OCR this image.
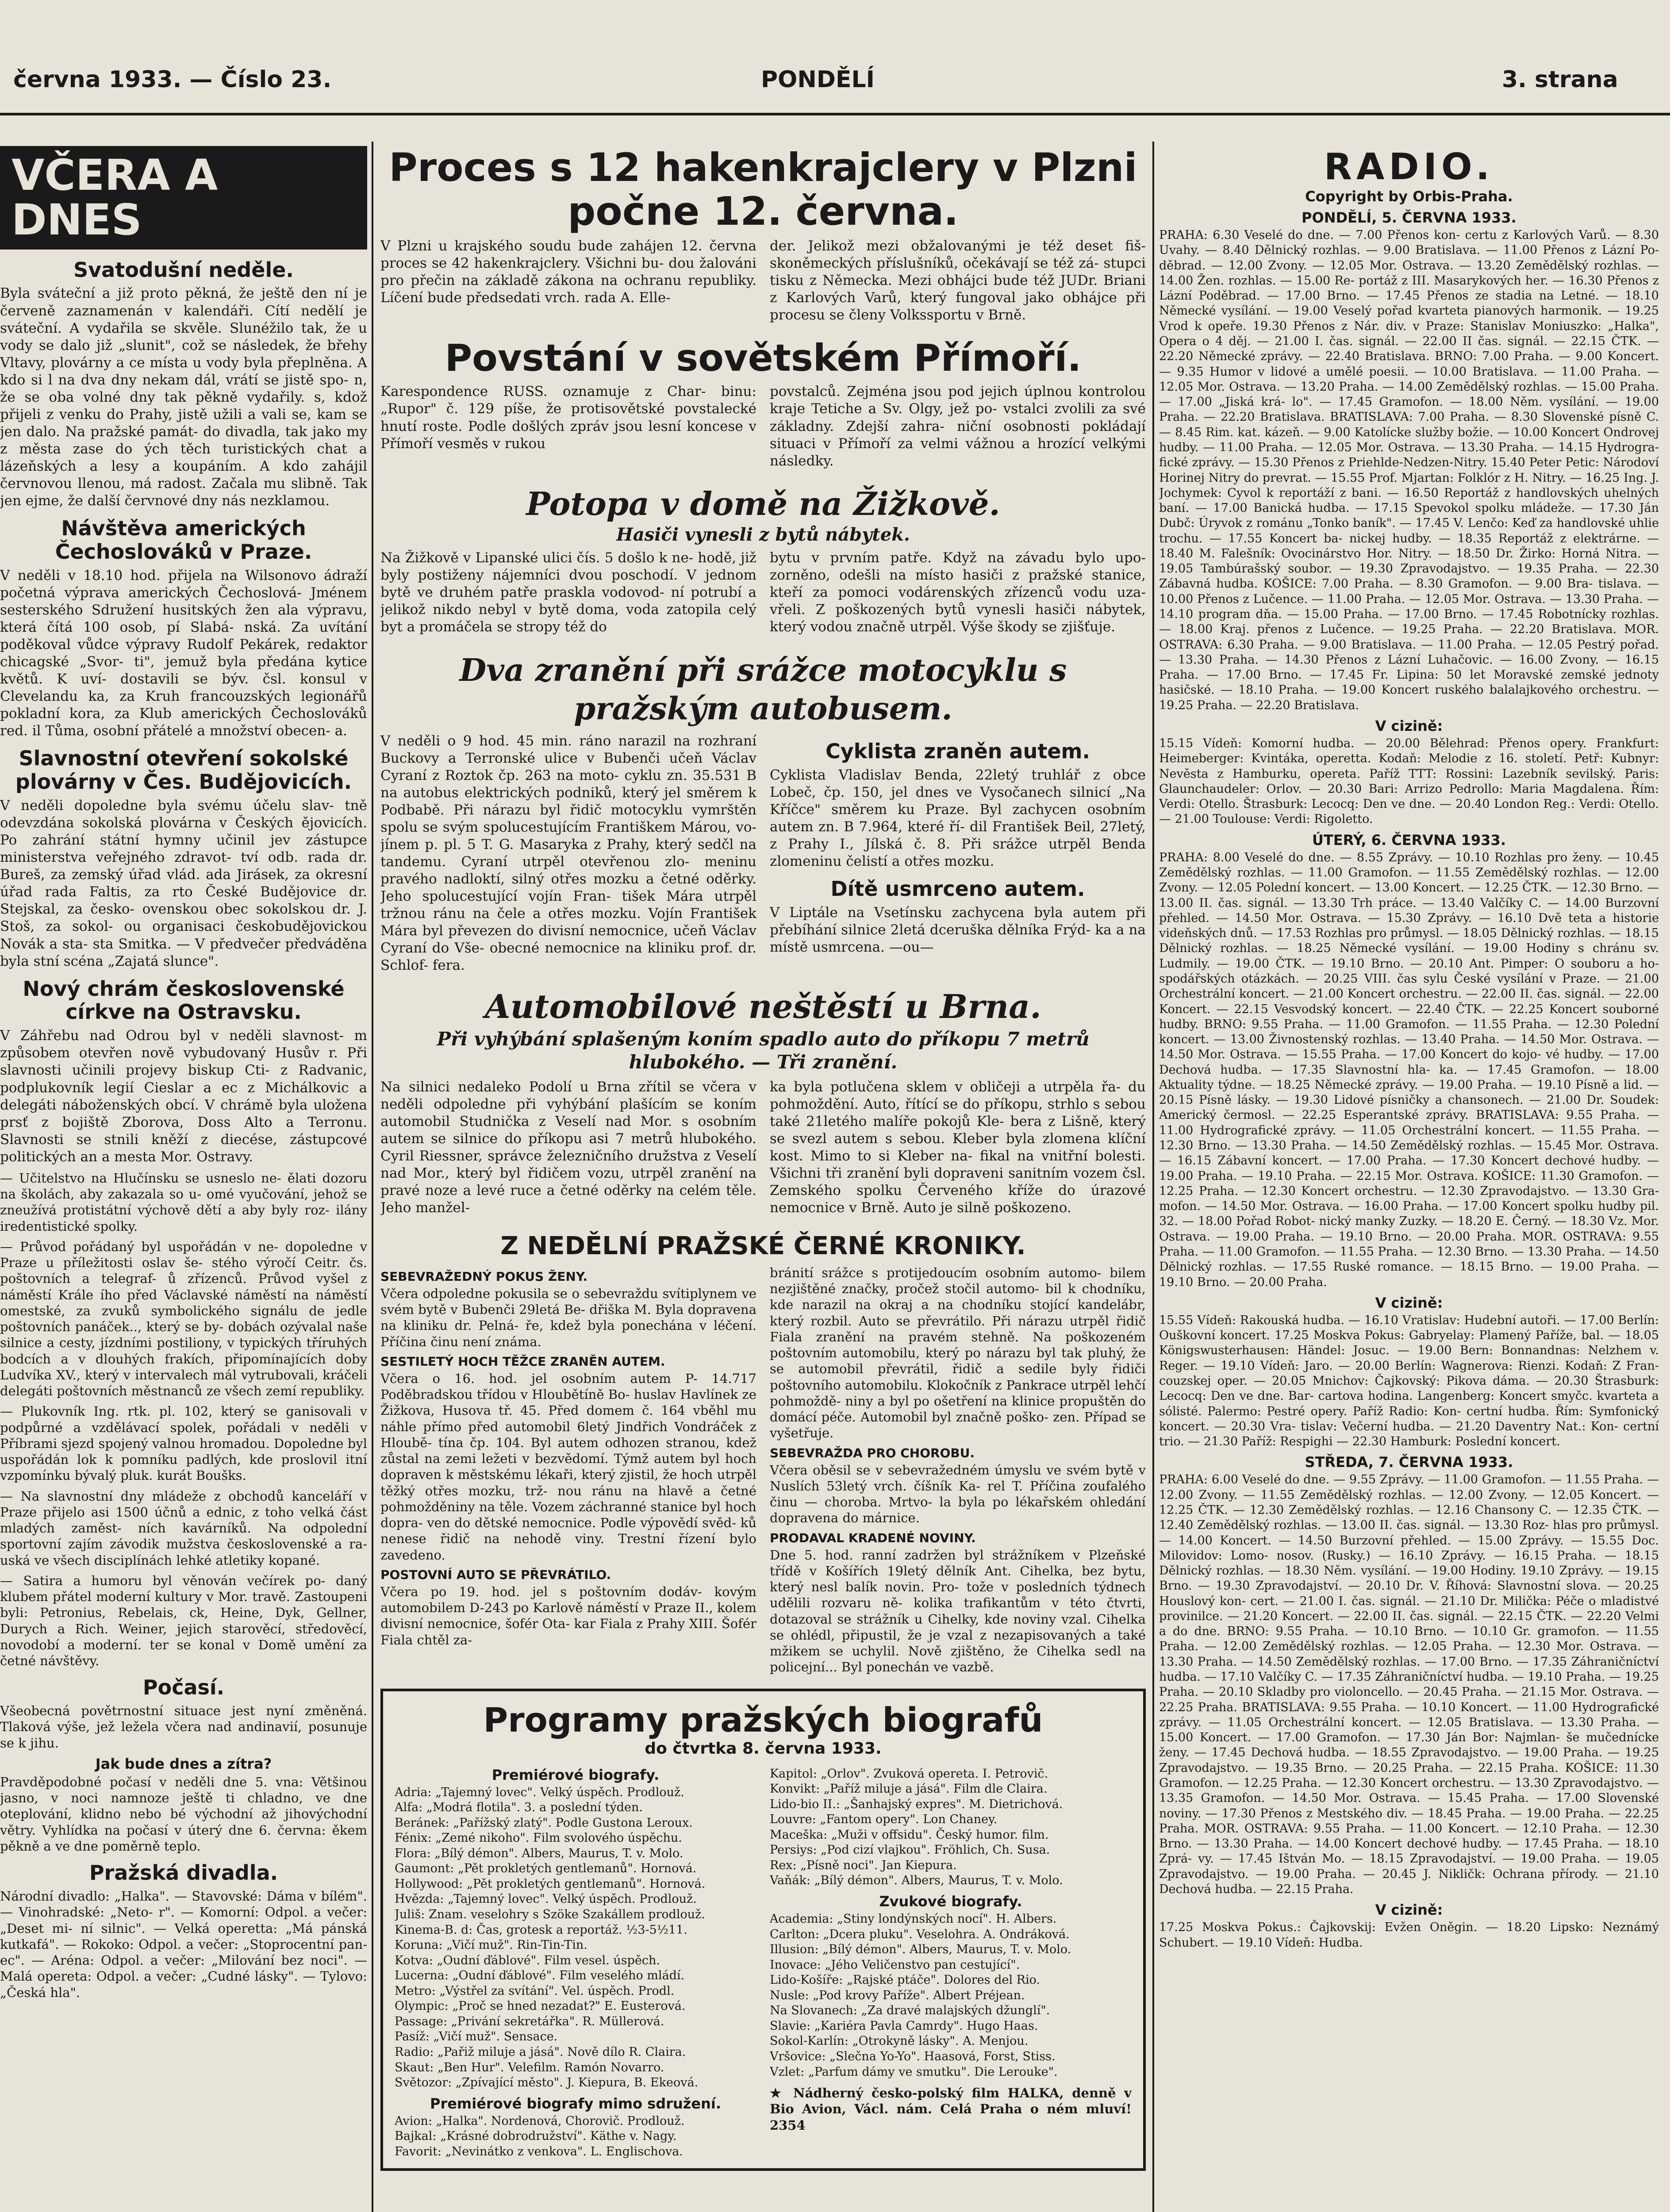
června 1933. — Číslo 23.	PONDĚLÍ	3. strana
VČERA A DNES
Svatodušní neděle.

Byla sváteční a již proto pěkná, že ještě den ní je červeně zaznamenán v kalendáři. Cítí nedělí je sváteční. A vydařila se skvěle. Slunéžilo tak, že u vody se dalo již „slunit", což se následek, že břehy Vltavy, plovárny a ce místa u vody byla přeplněna. A kdo si l na dva dny nekam dál, vrátí se jistě spo- n, že se oba volné dny tak pěkně vydařily. s, kdož přijeli z venku do Prahy, jistě užili a vali se, kam se jen dalo. Na pražské památ- do divadla, tak jako my z města zase do ých těch turistických chat a lázeňských a lesy a koupáním. A kdo zahájil červnovou llenou, má radost. Začala mu slibně. Tak jen ejme, že další červnové dny nás nezklamou.

Návštěva amerických Čechoslováků v Praze.

V neděli v 18.10 hod. přijela na Wilsonovo ádraží početná výprava amerických Čechoslová- Jménem sesterského Sdružení husitských žen ala výpravu, která čítá 100 osob, pí Slabá- nská. Za uvítání poděkoval vůdce výpravy Rudolf Pekárek, redaktor chicagské „Svor- ti", jemuž byla předána kytice květů. K uví- dostavili se býv. čsl. konsul v Clevelandu ka, za Kruh francouzských legionářů pokladní kora, za Klub amerických Čechoslováků red. il Tůma, osobní přátelé a množství obecen- a.

Slavnostní otevření sokolské plovárny v Čes. Budějovicích.

V neděli dopoledne byla svému účelu slav- tně odevzdána sokolská plovárna v Českých ějovicích. Po zahrání státní hymny učinil jev zástupce ministerstva veřejného zdravot- tví odb. rada dr. Bureš, za zemský úřad vlád. ada Jirásek, za okresní úřad rada Faltis, za rto České Budějovice dr. Stejskal, za česko- ovenskou obec sokolskou dr. J. Stoš, za sokol- ou organisaci českobudějovickou Novák a sta- sta Smitka. — V předvečer předváděna byla stní scéna „Zajatá slunce".

Nový chrám československé církve na Ostravsku.

V Záhřebu nad Odrou byl v neděli slavnost- m způsobem otevřen nově vybudovaný Husův r. Při slavnosti učinili projevy biskup Cti- z Radvanic, podplukovník legií Cieslar a ec z Michálkovic a delegáti náboženských obcí. V chrámě byla uložena prsť z bojiště Zborova, Doss Alto a Terronu. Slavnosti se stnili kněží z diecése, zástupcové politických an a mesta Mor. Ostravy.

— Učitelstvo na Hlučínsku se usneslo ne- ělati dozoru na školách, aby zakazala so u- omé vyučování, jehož se zneužívá protistátní výchově dětí a aby byly roz- ilány iredentistické spolky.

— Průvod pořádaný byl uspořádán v ne- dopoledne v Praze u příležitosti oslav še- stého výročí Ceitr. čs. poštovních a telegraf- ů zřízenců. Průvod vyšel z náměstí Krále ího před Václavské náměstí na náměstí omestské, za zvuků symbolického signálu de jedle poštovních panáček.., který se by- dobách ozývalal naše silnice a cesty, jízdními postiliony, v typických tříruhých bodcích a v dlouhých frakích, připomínajících doby Ludvíka XV., který v intervalech mál vytrubovali, kráčeli delegáti poštovních městnanců ze všech zemí republiky.

— Plukovník Ing. rtk. pl. 102, který se ganisovali v podpůrné a vzdělávací spolek, pořádali v neděli v Příbrami sjezd spojený valnou hromadou. Dopoledne byl uspořádán lok k pomníku padlých, kde proslovil itní vzpomínku bývalý pluk. kurát Boušks.

— Na slavnostní dny mládeže z obchodů kanceláří v Praze přijelo asi 1500 účnů a ednic, z toho velká část mladých zaměst- ních kavárníků. Na odpolední sportovní zajím závodik mužstva československé a ra- uská ve všech disciplínách lehké atletiky kopané.

— Satira a humoru byl věnován večírek po- daný klubem přátel moderní kultury v Mor. travě. Zastoupeni byli: Petronius, Rebelais, ck, Heine, Dyk, Gellner, Durych a Rich. Weiner, jejich starověcí, středověcí, novodobí a moderní. ter se konal v Domě umění za četné návštěvy.

Počasí.

Všeobecná povětrnostní situace jest nyní změněná. Tlaková výše, jež ležela včera nad andinavií, posunuje se k jihu.

Jak bude dnes a zítra?

Pravděpodobné počasí v neděli dne 5. vna: Většinou jasno, v noci namnoze ještě ti chladno, ve dne oteplování, klidno nebo bé východní až jihovýchodní větry. Vyhlídka na počasí v úterý dne 6. června: ěkem pěkně a ve dne poměrně teplo.

Pražská divadla.

Národní divadlo: „Halka". — Stavovské: Dáma v bílém". — Vinohradské: „Neto- r". — Komorní: Odpol. a večer: „Deset mi- ní silnic". — Velká operetta: „Má pánská kutkafá". — Rokoko: Odpol. a večer: „Stoprocentní pan- ec". — Aréna: Odpol. a večer: „Milování bez noci". — Malá opereta: Odpol. a večer: „Cudné lásky". — Tylovo: „Česká hla".

Proces s 12 hakenkrajclery v Plzni počne 12. června.

V Plzni u krajského soudu bude zahájen 12. června proces se 42 hakenkrajclery. Všichni bu- dou žalováni pro přečin na základě zákona na ochranu republiky. Líčení bude předsedati vrch. rada A. Elle-

der. Jelikož mezi obžalovanými je též deset fiš- skoněmeckých příslušníků, očekávají se též zá- stupci tisku z Německa. Mezi obhájci bude též JUDr. Briani z Karlových Varů, který fungoval jako obhájce při procesu se členy Volkssportu v Brně.

Povstání v sovětském Přímoří.

Karespondence RUSS. oznamuje z Char- binu: „Rupor" č. 129 píše, že protisovětské povstalecké hnutí roste. Podle došlých zpráv jsou lesní koncese v Přímoří vesměs v rukou

povstalců. Zejména jsou pod jejich úplnou kontrolou kraje Tetiche a Sv. Olgy, jež po- vstalci zvolili za své základny. Zdejší zahra- niční osobnosti pokládají situaci v Přímoří za velmi vážnou a hrozící velkými následky.

Potopa v domě na Žižkově.
Hasiči vynesli z bytů nábytek.

Na Žižkově v Lipanské ulici čís. 5 došlo k ne- hodě, již byly postiženy nájemníci dvou poschodí. V jednom bytě ve druhém patře praskla vodovod- ní potrubí a jelikož nikdo nebyl v bytě doma, voda zatopila celý byt a promáčela se stropy též do

bytu v prvním patře. Když na závadu bylo upo- zorněno, odešli na místo hasiči z pražské stanice, kteří za pomoci vodárenských zřízenců vodu uza- vřeli. Z poškozených bytů vynesli hasiči nábytek, který vodou značně utrpěl. Výše škody se zjišťuje.

Dva zranění při srážce motocyklu s pražským autobusem.

V neděli o 9 hod. 45 min. ráno narazil na rozhraní Buckovy a Terronské ulice v Bubenči učeň Václav Cyraní z Roztok čp. 263 na moto- cyklu zn. 35.531 B na autobus elektrických podniků, který jel směrem k Podbabě. Při nárazu byl řidič motocyklu vymrštěn spolu se svým spolucestujícím Františkem Márou, vo- jínem p. pl. 5 T. G. Masaryka z Prahy, který sedčl na tandemu. Cyraní utrpěl otevřenou zlo- meninu pravého nadloktí, silný otřes mozku a četné oděrky. Jeho spolucestující vojín Fran- tišek Mára utrpěl tržnou ránu na čele a otřes mozku. Vojín František Mára byl převezen do divisní nemocnice, učeň Václav Cyraní do Vše- obecné nemocnice na kliniku prof. dr. Schlof- fera.

Cyklista zraněn autem.

Cyklista Vladislav Benda, 22letý truhlář z obce Lobeč, čp. 150, jel dnes ve Vysočanech silnicí „Na Kříčce" směrem ku Praze. Byl zachycen osobním autem zn. B 7.964, které ří- dil František Beil, 27letý, z Prahy I., Jílská č. 8. Při srážce utrpěl Benda zlomeninu čelistí a otřes mozku.

Dítě usmrceno autem.

V Liptále na Vsetínsku zachycena byla autem při přebíhání silnice 2letá dceruška dělníka Frýd- ka a na místě usmrcena. —ou—

Automobilové neštěstí u Brna.
Při vyhýbání splašeným koním spadlo auto do příkopu 7 metrů hlubokého. — Tři zranění.

Na silnici nedaleko Podolí u Brna zřítil se včera v neděli odpoledne při vyhýbání plašícím se koním automobil Studnička z Veselí nad Mor. s osobním autem se silnice do příkopu asi 7 metrů hlubokého. Cyril Riessner, správce železničního družstva z Veselí nad Mor., který byl řidičem vozu, utrpěl zranění na pravé noze a levé ruce a četné oděrky na celém těle. Jeho manžel-

ka byla potlučena sklem v obličeji a utrpěla řa- du pohmoždění. Auto, řítící se do příkopu, strhlo s sebou také 21letého malíře pokojů Kle- bera z Lišně, který se svezl autem s sebou. Kleber byla zlomena klíční kost. Mimo to si Kleber na- fikal na vnitřní bolesti. Všichni tři zranění byli dopraveni sanitním vozem čsl. Zemského spolku Červeného kříže do úrazové nemocnice v Brně. Auto je silně poškozeno.

Z NEDĚLNÍ PRAŽSKÉ ČERNÉ KRONIKY.
SEBEVRAŽEDNÝ POKUS ŽENY.

Včera odpoledne pokusila se o sebevraždu svítiplynem ve svém bytě v Bubenči 29letá Be- dřiška M. Byla dopravena na kliniku dr. Pelná- ře, kdež byla ponechána v léčení. Příčina činu není známa.

SESTILETÝ HOCH TĚŽCE ZRANĚN AUTEM.

Včera o 16. hod. jel osobním autem P- 14.717 Poděbradskou třídou v Hloubětíně Bo- huslav Havlínek ze Žižkova, Husova tř. 45. Před domem č. 164 vběhl mu náhle přímo před automobil 6letý Jindřich Vondráček z Hloubě- tína čp. 104. Byl autem odhozen stranou, kdež zůstal na zemi ležeti v bezvědomí. Týmž autem byl hoch dopraven k městskému lékaři, který zjistil, že hoch utrpěl těžký otřes mozku, trž- nou ránu na hlavě a četné pohmožděniny na těle. Vozem záchranné stanice byl hoch dopra- ven do dětské nemocnice. Podle výpovědí svěd- ků nenese řidič na nehodě viny. Trestní řízení bylo zavedeno.

POSTOVNÍ AUTO SE PŘEVRÁTILO.

Včera po 19. hod. jel s poštovním dodáv- kovým automobilem D-243 po Karlově náměstí v Praze II., kolem divisní nemocnice, šofér Ota- kar Fiala z Prahy XIII. Šofér Fiala chtěl za-

bránití srážce s protijedoucím osobním automo- bilem nezjištěné značky, pročež stočil automo- bil k chodníku, kde narazil na okraj a na chodníku stojící kandelábr, který rozbil. Auto se převrátilo. Při nárazu utrpěl řidič Fiala zranění na pravém stehně. Na poškozeném poštovním automobilu, který po nárazu byl tak pluhý, že se automobil převrátil, řidič a sedile byly řidiči poštovního automobilu. Klokočník z Pankrace utrpěl lehčí pohmoždě- niny a byl po ošetření na klinice propuštěn do domácí péče. Automobil byl značně poško- zen. Případ se vyšetřuje.

SEBEVRAŽDA PRO CHOROBU.

Včera oběsil se v sebevražedném úmyslu ve svém bytě v Nuslích 53letý vrch. číšník Ka- rel T. Příčina zoufalého činu — choroba. Mrtvo- la byla po lékařském ohledání dopravena do márnice.

PRODAVAL KRADENÉ NOVINY.

Dne 5. hod. ranní zadržen byl strážníkem v Plzeňské třídě v Košířích 19letý dělník Ant. Cihelka, bez bytu, který nesl balík novin. Pro- tože v posledních týdnech udělili rozvaru ně- kolika trafikantům v této čtvrti, dotazoval se strážník u Cihelky, kde noviny vzal. Cihelka se ohlédl, připustil, že je vzal z nezapisovaných a také mžikem se uchylil. Nově zjištěno, že Cihelka sedl na policejní... Byl ponechán ve vazbě.

Programy pražských biografů
do čtvrtka 8. června 1933.
Premiérové biografy.
Adria: „Tajemný lovec". Velký úspěch. Prodlouž.
Alfa: „Modrá flotila". 3. a poslední týden.
Beránek: „Pařížský zlatý". Podle Gustona Leroux.
Fénix: „Zemé nikoho". Film svolového úspěchu.
Flora: „Bílý démon". Albers, Maurus, T. v. Molo.
Gaumont: „Pět prokletých gentlemanů". Hornová.
Hollywood: „Pět prokletých gentlemanů". Hornová.
Hvězda: „Tajemný lovec". Velký úspěch. Prodlouž.
Juliš: Znam. veselohry s Szöke Szakállem prodlouž.
Kinema-B. d: Čas, grotesk a reportáž. ½3-5½11.
Koruna: „Vičí muž". Rin-Tin-Tin.
Kotva: „Oudní ďáblové". Film vesel. úspěch.
Lucerna: „Oudní ďáblové". Film veselého mládí.
Metro: „Výstřel za svítání". Vel. úspěch. Prodl.
Olympic: „Proč se hned nezadat?" E. Eusterová.
Passage: „Privání sekretářka". R. Müllerová.
Pasíž: „Vičí muž". Sensace.
Radio: „Pařiž miluje a jásá". Nově dílo R. Claira.
Skaut: „Ben Hur". Velefilm. Ramón Novarro.
Světozor: „Zpívající město". J. Kiepura, B. Ekeová.
Premiérové biografy mimo sdružení.
Avion: „Halka". Nordenová, Chorovič. Prodlouž.
Bajkal: „Krásné dobrodružství". Käthe v. Nagy.
Favorit: „Nevinátko z venkova". L. Englischova.
Kapitol: „Orlov". Zvuková opereta. I. Petrovič.
Konvikt: „Paříž miluje a jásá". Film dle Claira.
Lido-bio II.: „Šanhajský expres". M. Dietrichová.
Louvre: „Fantom opery". Lon Chaney.
Maceška: „Muži v offsidu". Český humor. film.
Persiys: „Pod cizí vlajkou". Fröhlich, Ch. Susa.
Rex: „Písně noci". Jan Kiepura.
Vaňák: „Bílý démon". Albers, Maurus, T. v. Molo.
Zvukové biografy.
Academia: „Stiny londýnských nocí". H. Albers.
Carlton: „Dcera pluku". Veselohra. A. Ondráková.
Illusion: „Bílý démon". Albers, Maurus, T. v. Molo.
Inovace: „Jého Veličenstvo pan cestující".
Lido-Košíře: „Rajské ptáče". Dolores del Rio.
Nusle: „Pod krovy Paříže". Albert Préjean.
Na Slovanech: „Za dravé malajských džunglí".
Slavie: „Kariéra Pavla Camrdy". Hugo Haas.
Sokol-Karlín: „Otrokyně lásky". A. Menjou.
Vršovice: „Slečna Yo-Yo". Haasová, Forst, Stiss.
Vzlet: „Parfum dámy ve smutku". Die Lerouke".

★ Nádherný česko-polský film HALKA, denně v Bio Avion, Václ. nám. Celá Praha o ném mluví! 2354

RADIO.
Copyright by Orbis-Praha.
PONDĚLÍ, 5. ČERVNA 1933.

PRAHA: 6.30 Veselé do dne. — 7.00 Přenos kon- certu z Karlových Varů. — 8.30 Uvahy. — 8.40 Dělnický rozhlas. — 9.00 Bratislava. — 11.00 Přenos z Lázní Po- děbrad. — 12.00 Zvony. — 12.05 Mor. Ostrava. — 13.20 Zemědělský rozhlas. — 14.00 Žen. rozhlas. — 15.00 Re- portáž z III. Masarykových her. — 16.30 Přenos z Lázní Poděbrad. — 17.00 Brno. — 17.45 Přenos ze stadia na Letné. — 18.10 Německé vysílání. — 19.00 Veselý pořad kvarteta pianových harmonik. — 19.25 Vrod k opeře. 19.30 Přenos z Nár. div. v Praze: Stanislav Moniuszko: „Halka", Opera o 4 děj. — 21.00 I. čas. signál. — 22.00 II čas. signál. — 22.15 ČTK. — 22.20 Německé zprávy. — 22.40 Bratislava. BRNO: 7.00 Praha. — 9.00 Koncert. — 9.35 Humor v lidové a umělé poesii. — 10.00 Bratislava. — 11.00 Praha. — 12.05 Mor. Ostrava. — 13.20 Praha. — 14.00 Zemědělský rozhlas. — 15.00 Praha. — 17.00 „Jiská krá- lo". — 17.45 Gramofon. — 18.00 Něm. vysílání. — 19.00 Praha. — 22.20 Bratislava. BRATISLAVA: 7.00 Praha. — 8.30 Slovenské písně C. — 8.45 Rim. kat. kázeň. — 9.00 Katolícke služby božie. — 10.00 Koncert Ondrovej hudby. — 11.00 Praha. — 12.05 Mor. Ostrava. — 13.30 Praha. — 14.15 Hydrogra- fické zprávy. — 15.30 Přenos z Priehlde-Nedzen-Nitry. 15.40 Peter Petic: Národoví Horinej Nitry do prevrat. — 15.55 Prof. Mjartan: Folklór z H. Nitry. — 16.25 Ing. J. Jochymek: Cyvol k reportáží z bani. — 16.50 Reportáž z handlovských uhelných baní. — 17.00 Banická hudba. — 17.15 Spevokol spolku mládeže. — 17.30 Ján Dubč: Úryvok z románu „Tonko baník". — 17.45 V. Lenčo: Keď za handlovské uhlie trochu. — 17.55 Koncert ba- nickej hudby. — 18.35 Reportáž z elektrárne. — 18.40 M. Falešník: Ovocinárstvo Hor. Nitry. — 18.50 Dr. Žirko: Horná Nitra. — 19.05 Tambúrašský soubor. — 19.30 Zpravodajstvo. — 19.35 Praha. — 22.30 Zábavná hudba. KOŠICE: 7.00 Praha. — 8.30 Gramofon. — 9.00 Bra- tislava. — 10.00 Přenos z Lučence. — 11.00 Praha. — 12.05 Mor. Ostrava. — 13.30 Praha. — 14.10 program dňa. — 15.00 Praha. — 17.00 Brno. — 17.45 Robotnícky rozhlas. — 18.00 Kraj. přenos z Lučence. — 19.25 Praha. — 22.20 Bratislava. MOR. OSTRAVA: 6.30 Praha. — 9.00 Bratislava. — 11.00 Praha. — 12.05 Pestrý pořad. — 13.30 Praha. — 14.30 Přenos z Lázní Luhačovic. — 16.00 Zvony. — 16.15 Praha. — 17.00 Brno. — 17.45 Fr. Lipina: 50 let Moravské zemské jednoty hasičské. — 18.10 Praha. — 19.00 Koncert ruského balalajkového orchestru. — 19.25 Praha. — 22.20 Bratislava.

V cizině:

15.15 Vídeň: Komorní hudba. — 20.00 Bělehrad: Přenos opery. Frankfurt: Heimeberger: Kvintáka, operetta. Kodaň: Melodie z 16. století. Petř: Kubnyr: Nevěsta z Hamburku, opereta. Paříž TTT: Rossini: Lazebník sevilský. Paris: Glaunchaudeler: Orlov. — 20.30 Bari: Arrizo Pedrollo: Maria Magdalena. Řím: Verdi: Otello. Štrasburk: Lecocq: Den ve dne. — 20.40 London Reg.: Verdi: Otello. — 21.00 Toulouse: Verdi: Rigoletto.

ÚTERÝ, 6. ČERVNA 1933.

PRAHA: 8.00 Veselé do dne. — 8.55 Zprávy. — 10.10 Rozhlas pro ženy. — 10.45 Zemědělský rozhlas. — 11.00 Gramofon. — 11.55 Zemědělský rozhlas. — 12.00 Zvony. — 12.05 Polední koncert. — 13.00 Koncert. — 12.25 ČTK. — 12.30 Brno. — 13.00 II. čas. signál. — 13.30 Trh práce. — 13.40 Valčíky C. — 14.00 Burzovní přehled. — 14.50 Mor. Ostrava. — 15.30 Zprávy. — 16.10 Dvě teta a historie videňských dnů. — 17.53 Rozhlas pro průmysl. — 18.05 Dělnický rozhlas. — 18.15 Dělnický rozhlas. — 18.25 Německé vysílání. — 19.00 Hodiny s chránu sv. Ludmily. — 19.00 ČTK. — 19.10 Brno. — 20.10 Ant. Pimper: O souboru a ho- spodářských otázkách. — 20.25 VIII. čas sylu České vysílání v Praze. — 21.00 Orchestrální koncert. — 21.00 Koncert orchestru. — 22.00 II. čas. signál. — 22.00 Koncert. — 22.15 Vesvodský koncert. — 22.40 ČTK. — 22.25 Koncert souborné hudby. BRNO: 9.55 Praha. — 11.00 Gramofon. — 11.55 Praha. — 12.30 Polední koncert. — 13.00 Živnostenský rozhlas. — 13.40 Praha. — 14.50 Mor. Ostrava. — 14.50 Mor. Ostrava. — 15.55 Praha. — 17.00 Koncert do kojo- vé hudby. — 17.00 Dechová hudba. — 17.35 Slavnostní hla- ka. — 17.45 Gramofon. — 18.00 Aktuality týdne. — 18.25 Německé zprávy. — 19.00 Praha. — 19.10 Písně a lid. — 20.15 Písně lásky. — 19.30 Lidové písničky a chansonech. — 21.00 Dr. Soudek: Americký čermosl. — 22.25 Esperantské zprávy. BRATISLAVA: 9.55 Praha. — 11.00 Hydrografické zprávy. — 11.05 Orchestrální koncert. — 11.55 Praha. — 12.30 Brno. — 13.30 Praha. — 14.50 Zemědělský rozhlas. — 15.45 Mor. Ostrava. — 16.15 Zábavní koncert. — 17.00 Praha. — 17.30 Koncert dechové hudby. — 19.00 Praha. — 19.10 Praha. — 22.15 Mor. Ostrava. KOŠICE: 11.30 Gramofon. — 12.25 Praha. — 12.30 Koncert orchestru. — 12.30 Zpravodajstvo. — 13.30 Gra- mofon. — 14.50 Mor. Ostrava. — 16.00 Praha. — 17.00 Koncert spolku hudby pil. 32. — 18.00 Pořad Robot- nický manky Zuzky. — 18.20 E. Černý. — 18.30 Vz. Mor. Ostrava. — 19.00 Praha. — 19.10 Brno. — 20.00 Praha. MOR. OSTRAVA: 9.55 Praha. — 11.00 Gramofon. — 11.55 Praha. — 12.30 Brno. — 13.30 Praha. — 14.50 Dělnický rozhlas. — 17.55 Ruské romance. — 18.15 Brno. — 19.00 Praha. — 19.10 Brno. — 20.00 Praha.

V cizině:

15.55 Vídeň: Rakouská hudba. — 16.10 Vratislav: Hudební autoři. — 17.00 Berlín: Ouškovní koncert. 17.25 Moskva Pokus: Gabryelay: Plamený Paříže, bal. — 18.05 Königswusterhausen: Händel: Josuc. — 19.00 Bern: Bonnandnas: Nelzhem v. Reger. — 19.10 Vídeň: Jaro. — 20.00 Berlín: Wagnerova: Rienzi. Kodaň: Z Fran- couzskej oper. — 20.05 Mnichov: Čajkovský: Pikova dáma. — 20.30 Štrasburk: Lecocq: Den ve dne. Bar- cartova hodina. Langenberg: Koncert smyčc. kvarteta a sólisté. Palermo: Pestré opery. Paříž Radio: Kon- certní hudba. Řím: Symfonický koncert. — 20.30 Vra- tislav: Večerní hudba. — 21.20 Daventry Nat.: Kon- certní trio. — 21.30 Paříž: Respighi — 22.30 Hamburk: Poslední koncert.

STŘEDA, 7. ČERVNA 1933.

PRAHA: 6.00 Veselé do dne. — 9.55 Zprávy. — 11.00 Gramofon. — 11.55 Praha. — 12.00 Zvony. — 11.55 Zemědělský rozhlas. — 12.00 Zvony. — 12.05 Koncert. — 12.25 ČTK. — 12.30 Zemědělský rozhlas. — 12.16 Chansony C. — 12.35 ČTK. — 12.40 Zemědělský rozhlas. — 13.00 II. čas. signál. — 13.30 Roz- hlas pro průmysl. — 14.00 Koncert. — 14.50 Burzovní přehled. — 15.00 Zprávy. — 15.55 Doc. Milovidov: Lomo- nosov. (Rusky.) — 16.10 Zprávy. — 16.15 Praha. — 18.15 Dělnický rozhlas. — 18.30 Něm. vysílání. — 19.00 Hodiny. 19.10 Zprávy. — 19.15 Brno. — 19.30 Zpravodajství. — 20.10 Dr. V. Říhová: Slavnostní slova. — 20.25 Houslový kon- cert. — 21.00 I. čas. signál. — 21.10 Dr. Milička: Péče o mladistvé provinilce. — 21.20 Koncert. — 22.00 II. čas. signál. — 22.15 ČTK. — 22.20 Velmi a do dne. BRNO: 9.55 Praha. — 10.10 Brno. — 10.10 Gr. gramofon. — 11.55 Praha. — 12.00 Zemědělský rozhlas. — 12.05 Praha. — 12.30 Mor. Ostrava. — 13.30 Praha. — 14.50 Zemědělský rozhlas. — 17.00 Brno. — 17.35 Záhraničníctví hudba. — 17.10 Valčíky C. — 17.35 Záhraničníctví hudba. — 19.10 Praha. — 19.25 Praha. — 20.10 Skladby pro violoncello. — 20.45 Praha. — 21.15 Mor. Ostrava. — 22.25 Praha. BRATISLAVA: 9.55 Praha. — 10.10 Koncert. — 11.00 Hydrografické zprávy. — 11.05 Orchestrální koncert. — 12.05 Bratislava. — 13.30 Praha. — 15.00 Koncert. — 17.00 Gramofon. — 17.30 Ján Bor: Najmlan- še mučednícke ženy. — 17.45 Dechová hudba. — 18.55 Zpravodajstvo. — 19.00 Praha. — 19.25 Zpravodajstvo. — 19.35 Brno. — 20.25 Praha. — 22.15 Praha. KOŠICE: 11.30 Gramofon. — 12.25 Praha. — 12.30 Koncert orchestru. — 13.30 Zpravodajstvo. — 13.35 Gramofon. — 14.50 Mor. Ostrava. — 15.45 Praha. — 17.00 Slovenské noviny. — 17.30 Přenos z Mestského div. — 18.45 Praha. — 19.00 Praha. — 22.25 Praha. MOR. OSTRAVA: 9.55 Praha. — 11.00 Koncert. — 12.10 Praha. — 12.30 Brno. — 13.30 Praha. — 14.00 Koncert dechové hudby. — 17.45 Praha. — 18.10 Zprá- vy. — 17.45 Ištván Mo. — 18.15 Zpravodajství. — 19.00 Praha. — 19.05 Zpravodajstvo. — 19.00 Praha. — 20.45 J. Nikličk: Ochrana přírody. — 21.10 Dechová hudba. — 22.15 Praha.

V cizině:

17.25 Moskva Pokus.: Čajkovskij: Evžen Oněgin. — 18.20 Lipsko: Neznámý Schubert. — 19.10 Vídeň: Hudba.
